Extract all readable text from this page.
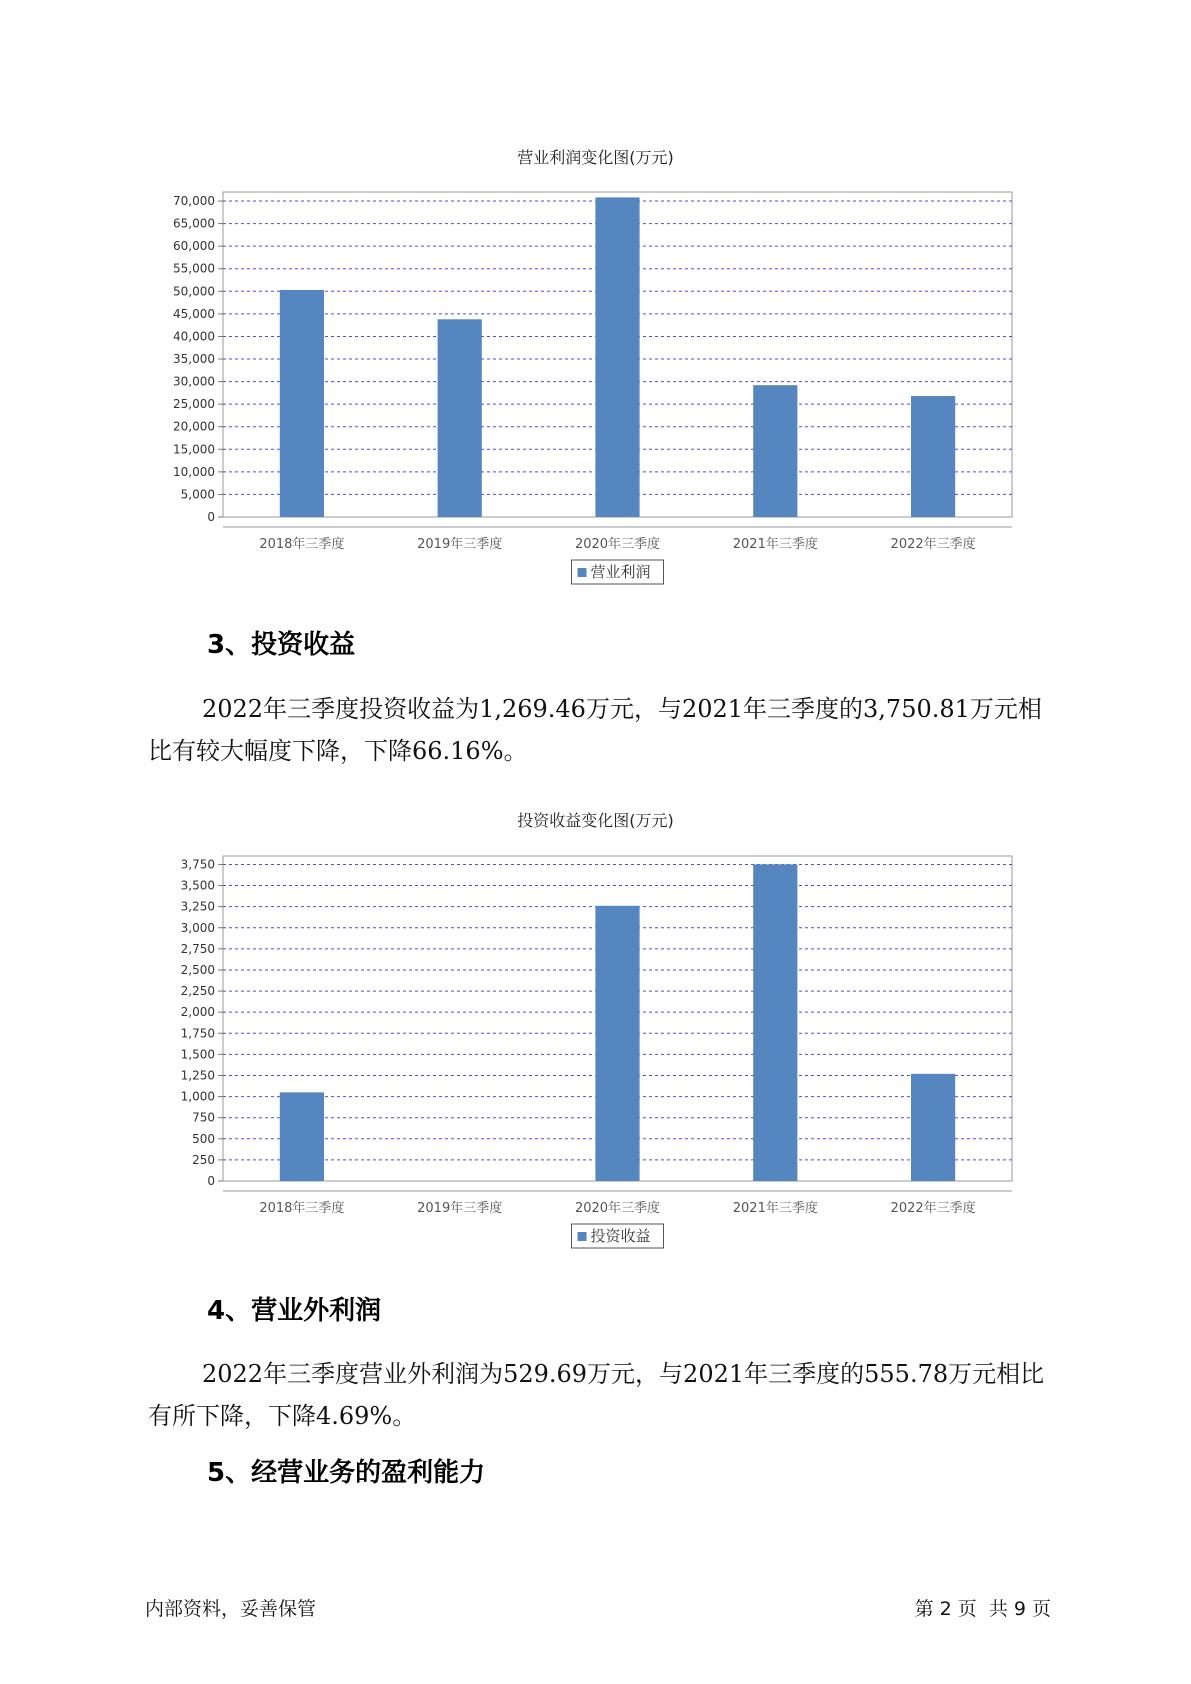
营业利润变化图(万元)
0
5,000
10,000
15,000
20,000
25,000
30,000
35,000
40,000
45,000
50,000
55,000
60,000
65,000
70,000
2018年三季度	2019年三季度	2020年三季度	2021年三季度	2022年三季度
营业利润
3、投资收益

2022年三季度投资收益为1,269.46万元，与2021年三季度的3,750.81万元相比有较大幅度下降，下降66.16%。

投资收益变化图(万元)
0
250
500
750
1,000
1,250
1,500
1,750
2,000
2,250
2,500
2,750
3,000
3,250
3,500
3,750
2018年三季度	2019年三季度	2020年三季度	2021年三季度	2022年三季度
投资收益
4、营业外利润

2022年三季度营业外利润为529.69万元，与2021年三季度的555.78万元相比有所下降，下降4.69%。

5、经营业务的盈利能力
内部资料，妥善保管	第 2 页  共 9 页
